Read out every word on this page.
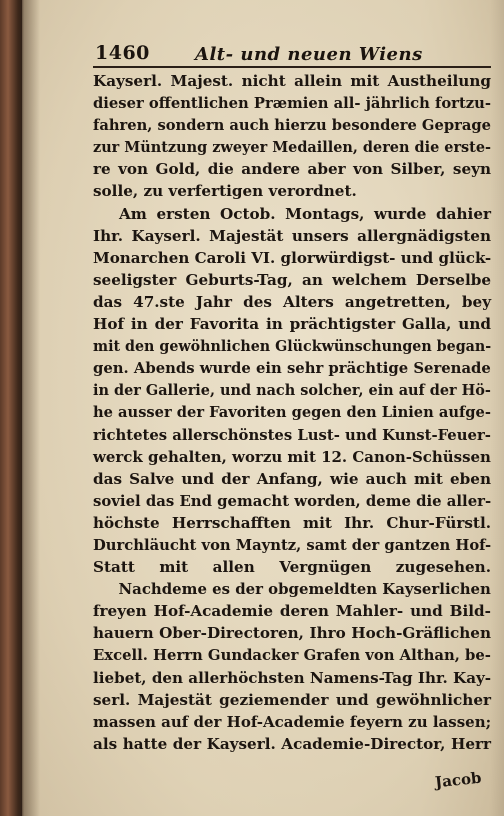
1460	Alt- und neuen Wiens
Kayserl. Majest. nicht allein mit Austheilung
dieser offentlichen Præmien all- jährlich fortzu-
fahren, sondern auch hierzu besondere Geprage
zur Müntzung zweyer Medaillen, deren die erste-
re von Gold, die andere aber von Silber, seyn
solle, zu verfertigen verordnet.
Am ersten Octob. Montags, wurde dahier
Ihr. Kayserl. Majestät unsers allergnädigsten
Monarchen Caroli VI. glorwürdigst- und glück-
seeligster Geburts-Tag, an welchem Derselbe
das 47.ste Jahr des Alters angetretten, bey
Hof in der Favorita in prächtigster Galla, und
mit den gewöhnlichen Glückwünschungen began-
gen. Abends wurde ein sehr prächtige Serenade
in der Gallerie, und nach solcher, ein auf der Hö-
he ausser der Favoriten gegen den Linien aufge-
richtetes allerschönstes Lust- und Kunst-Feuer-
werck gehalten, worzu mit 12. Canon-Schüssen
das Salve und der Anfang, wie auch mit eben
soviel das End gemacht worden, deme die aller-
höchste Herrschafften mit Ihr. Chur-Fürstl.
Durchläucht von Mayntz, samt der gantzen Hof-
Statt mit allen Vergnügen zugesehen.
Nachdeme es der obgemeldten Kayserlichen
freyen Hof-Academie deren Mahler- und Bild-
hauern Ober-Directoren, Ihro Hoch-Gräflichen
Excell. Herrn Gundacker Grafen von Althan, be-
liebet, den allerhöchsten Namens-Tag Ihr. Kay-
serl. Majestät geziemender und gewöhnlicher
massen auf der Hof-Academie feyern zu lassen;
als hatte der Kayserl. Academie-Director, Herr
Jacob
